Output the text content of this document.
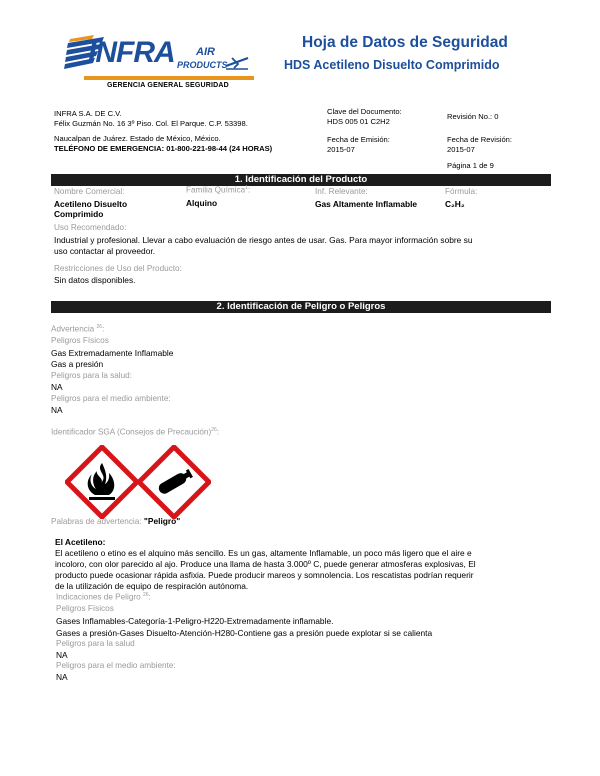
INFRA AIR
PRODUCTS
GERENCIA GENERAL SEGURIDAD
Hoja de Datos de Seguridad
HDS Acetileno Disuelto Comprimido
INFRA S.A. DE C.V.
Félix Guzmán No. 16 3º Piso. Col. El Parque. C.P. 53398.
Naucalpan de Juárez. Estado de México, México.
TELÉFONO DE EMERGENCIA: 01-800-221-98-44 (24 HORAS)
Clave del Documento:
HDS 005 01 C2H2
Revisión No.: 0
Fecha de Emisión:
2015-07
Fecha de Revisión:
2015-07
Página 1 de 9
1. Identificación del Producto
Nombre Comercial:
Acetileno Disuelto
Comprimido
Familia Química$^1$:
Alquino
Inf. Relevante:
Gas Altamente Inflamable
Fórmula:
C₂H₂
Uso Recomendado:
Industrial y profesional. Llevar a cabo evaluación de riesgo antes de usar. Gas. Para mayor información sobre su
uso contactar al proveedor.
Restricciones de Uso del Producto:
Sin datos disponibles.
2. Identificación de Peligro o Peligros
Advertencia $^{26}$:
Peligros Físicos
Gas Extremadamente Inflamable
Gas a presión
Peligros para la salud:
NA
Peligros para el medio ambiente:
NA
Identificador SGA (Consejos de Precaución)$^{26}$:
Palabras de advertencia: "Peligro"
El Acetileno:
El acetileno o etino es el alquino más sencillo. Es un gas, altamente Inflamable, un poco más ligero que el aire e
incoloro, con olor parecido al ajo. Produce una llama de hasta 3.000º C, puede generar atmosferas explosivas, El
producto puede ocasionar rápida asfixia. Puede producir mareos y somnolencia. Los rescatistas podrían requerir
de la utilización de equipo de respiración autónoma.
Indicaciones de Peligro $^{26}$:
Peligros Físicos
Gases Inflamables-Categoría-1-Peligro-H220-Extremadamente inflamable.
Gases a presión-Gases Disuelto-Atención-H280-Contiene gas a presión puede explotar si se calienta
Peligros para la salud
NA
Peligros para el medio ambiente:
NA
